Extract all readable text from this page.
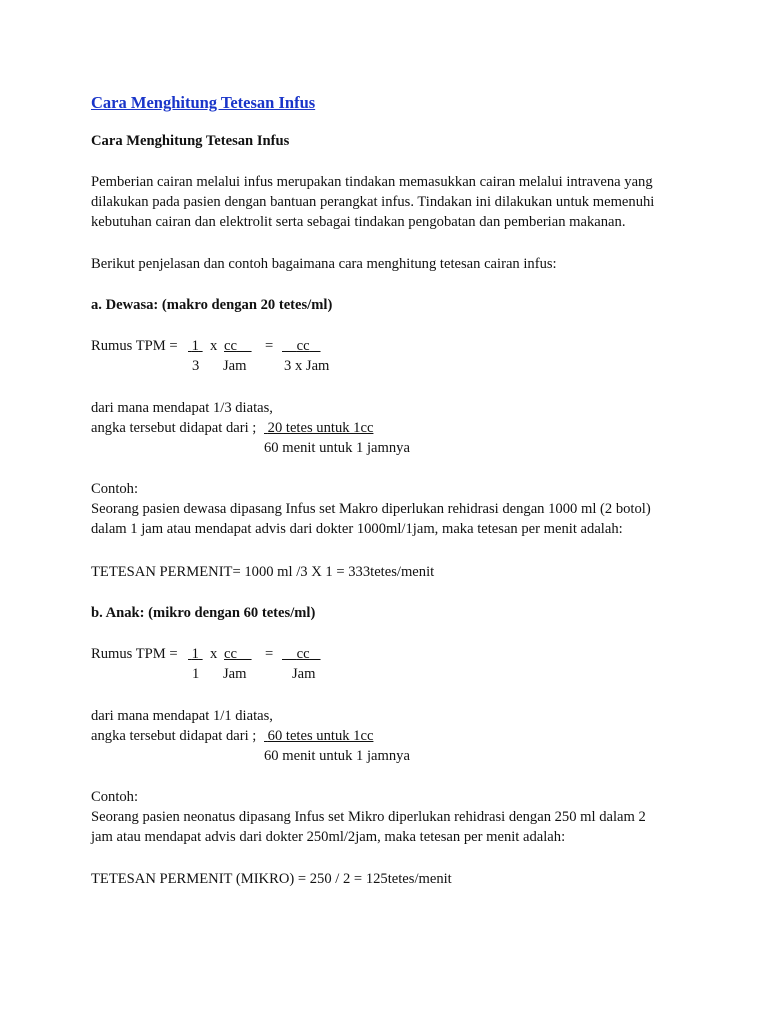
Cara Menghitung Tetesan Infus
Cara Menghitung Tetesan Infus
Pemberian cairan melalui infus merupakan tindakan memasukkan cairan melalui intravena yang
dilakukan pada pasien dengan bantuan perangkat infus. Tindakan ini dilakukan untuk memenuhi
kebutuhan cairan dan elektrolit serta sebagai tindakan pengobatan dan pemberian makanan.
Berikut penjelasan dan contoh bagaimana cara menghitung tetesan cairan infus:
a. Dewasa: (makro dengan 20 tetes/ml)
Rumus TPM = 1 x cc	=	cc
3 Jam	3 x Jam
dari mana mendapat 1/3 diatas,
angka tersebut didapat dari ; 20 tetes untuk 1cc
60 menit untuk 1 jamnya
Contoh:
Seorang pasien dewasa dipasang Infus set Makro diperlukan rehidrasi dengan 1000 ml (2 botol)
dalam 1 jam atau mendapat advis dari dokter 1000ml/1jam, maka tetesan per menit adalah:
TETESAN PERMENIT= 1000 ml /3 X 1 = 333tetes/menit
b. Anak: (mikro dengan 60 tetes/ml)
Rumus TPM = 1 x cc	=	cc
1 Jam	Jam
dari mana mendapat 1/1 diatas,
angka tersebut didapat dari ; 60 tetes untuk 1cc
60 menit untuk 1 jamnya
Contoh:
Seorang pasien neonatus dipasang Infus set Mikro diperlukan rehidrasi dengan 250 ml dalam 2
jam atau mendapat advis dari dokter 250ml/2jam, maka tetesan per menit adalah:
TETESAN PERMENIT (MIKRO) = 250 / 2 = 125tetes/menit
